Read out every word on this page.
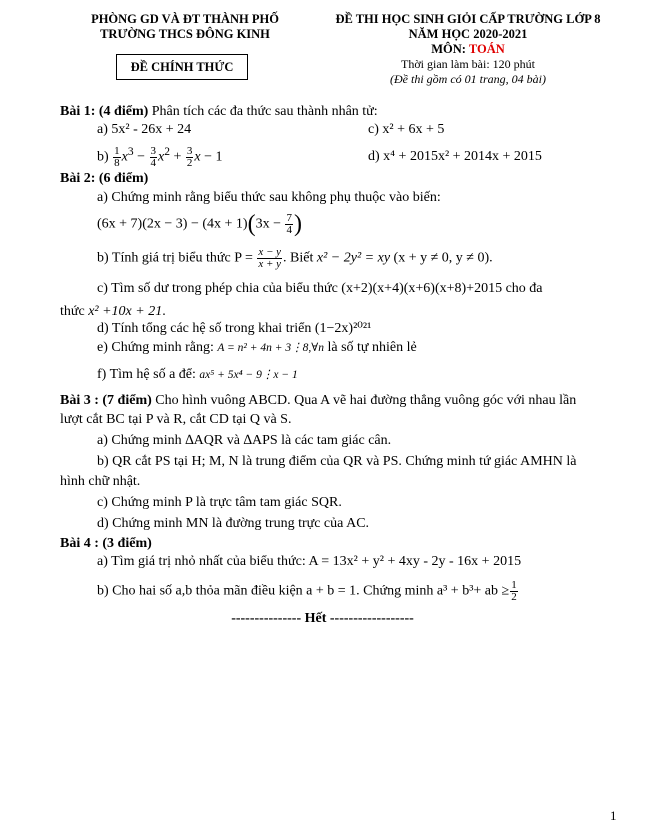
PHÒNG GD VÀ ĐT THÀNH PHỐ
TRƯỜNG THCS ĐÔNG KINH
ĐỀ CHÍNH THỨC
ĐỀ THI HỌC SINH GIỎI CẤP TRƯỜNG LỚP 8
NĂM HỌC 2020-2021
MÔN: TOÁN
Thời gian làm bài: 120 phút
(Đề thi gồm có 01 trang, 04 bài)
Bài 1: (4 điểm) Phân tích các đa thức sau thành nhân tử:
a) 5x² - 26x + 24	c) x² + 6x + 5
$b) \frac{1}{8} x^3 - \frac{3}{4} x^2 + \frac{3}{2}$ x − 1	d) x⁴ + 2015x² + 2014x + 2015
Bài 2: (6 điểm)
a) Chứng minh rằng biểu thức sau không phụ thuộc vào biến:
$(6x + 7)(2x - 3) - (4x + 1)(3x - \frac{7}{4}$ )
b) Tính giá trị biểu thức $P = \frac{x - y}{x + y}$ . Biết x² − 2y² = xy (x + y ≠ 0, y ≠ 0).
c) Tìm số dư trong phép chia của biểu thức (x+2)(x+4)(x+6)(x+8)+2015 cho đa
thức x² +10x + 21.
d) Tính tổng các hệ số trong khai triển (1−2x)²⁰²¹
e) Chứng minh rằng: A = n² + 4n + 3⋮8,∀n là số tự nhiên lẻ
f) Tìm hệ số a để: ax⁵ + 5x⁴ − 9⋮x − 1
Bài 3 : (7 điểm) Cho hình vuông ABCD. Qua A vẽ hai đường thẳng vuông góc với nhau lần
lượt cắt BC tại P và R, cắt CD tại Q và S.
a) Chứng minh ∆AQR và ∆APS là các tam giác cân.
b) QR cắt PS tại H; M, N là trung điểm của QR và PS. Chứng minh tứ giác AMHN là
hình chữ nhật.
c) Chứng minh P là trực tâm tam giác SQR.
d) Chứng minh MN là đường trung trực của AC.
Bài 4 : (3 điểm)
a) Tìm giá trị nhỏ nhất của biểu thức: A = 13x² + y² + 4xy - 2y - 16x + 2015
b) Cho hai số a,b thỏa mãn điều kiện a + b = 1. Chứng minh a³ + b³+ ab ≥ $\frac{1}{2}$
--------------- Hết ------------------
1
